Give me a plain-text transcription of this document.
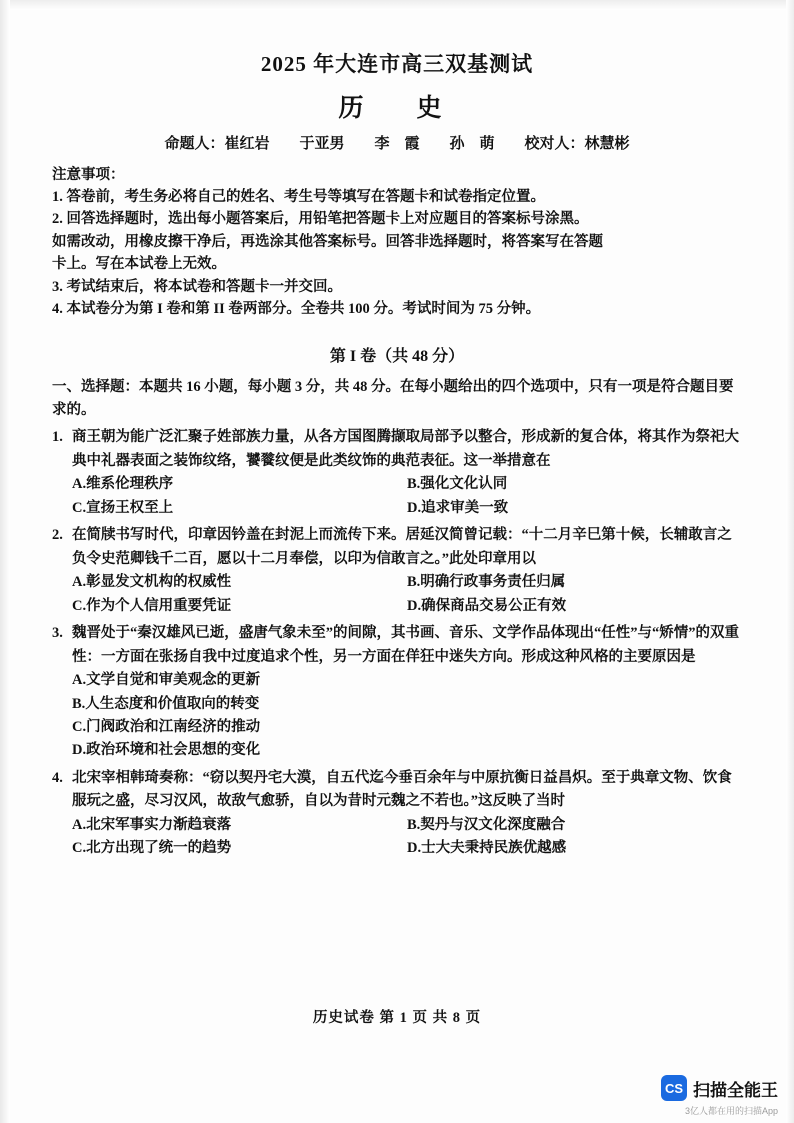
2025 年大连市高三双基测试
历　史
命题人：崔红岩　　于亚男　　李　霞　　孙　萌　　校对人：林慧彬
注意事项：
1. 答卷前，考生务必将自己的姓名、考生号等填写在答题卡和试卷指定位置。
2. 回答选择题时，选出每小题答案后，用铅笔把答题卡上对应题目的答案标号涂黑。
如需改动，用橡皮擦干净后，再选涂其他答案标号。回答非选择题时，将答案写在答题
卡上。写在本试卷上无效。
3. 考试结束后，将本试卷和答题卡一并交回。
4. 本试卷分为第 I 卷和第 II 卷两部分。全卷共 100 分。考试时间为 75 分钟。
第 I 卷（共 48 分）
一、选择题：本题共 16 小题，每小题 3 分，共 48 分。在每小题给出的四个选项中，只有一项是符合题目要求的。
1. 商王朝为能广泛汇聚子姓部族力量，从各方国图腾撷取局部予以整合，形成新的复合体，将其作为祭祀大典中礼器表面之装饰纹络，饕餮纹便是此类纹饰的典范表征。这一举措意在
A.维系伦理秩序
C.宣扬王权至上
B.强化文化认同
D.追求审美一致
2. 在简牍书写时代，印章因钤盖在封泥上而流传下来。居延汉简曾记载：“十二月辛巳第十候，长辅敢言之负令史范卿钱千二百，愿以十二月奉偿，以印为信敢言之。”此处印章用以
A.彰显发文机构的权威性
C.作为个人信用重要凭证
B.明确行政事务责任归属
D.确保商品交易公正有效
3. 魏晋处于“秦汉雄风已逝，盛唐气象未至”的间隙，其书画、音乐、文学作品体现出“任性”与“矫情”的双重性：一方面在张扬自我中过度追求个性，另一方面在佯狂中迷失方向。形成这种风格的主要原因是
A.文学自觉和审美观念的更新
B.人生态度和价值取向的转变
C.门阀政治和江南经济的推动
D.政治环境和社会思想的变化
4. 北宋宰相韩琦奏称：“窃以契丹宅大漠，自五代迄今垂百余年与中原抗衡日益昌炽。至于典章文物、饮食服玩之盛，尽习汉风，故敌气愈骄，自以为昔时元魏之不若也。”这反映了当时
A.北宋军事实力渐趋衰落
C.北方出现了统一的趋势
B.契丹与汉文化深度融合
D.士大夫秉持民族优越感
历史试卷 第 1 页 共 8 页
CS 扫描全能王
3亿人都在用的扫描App
